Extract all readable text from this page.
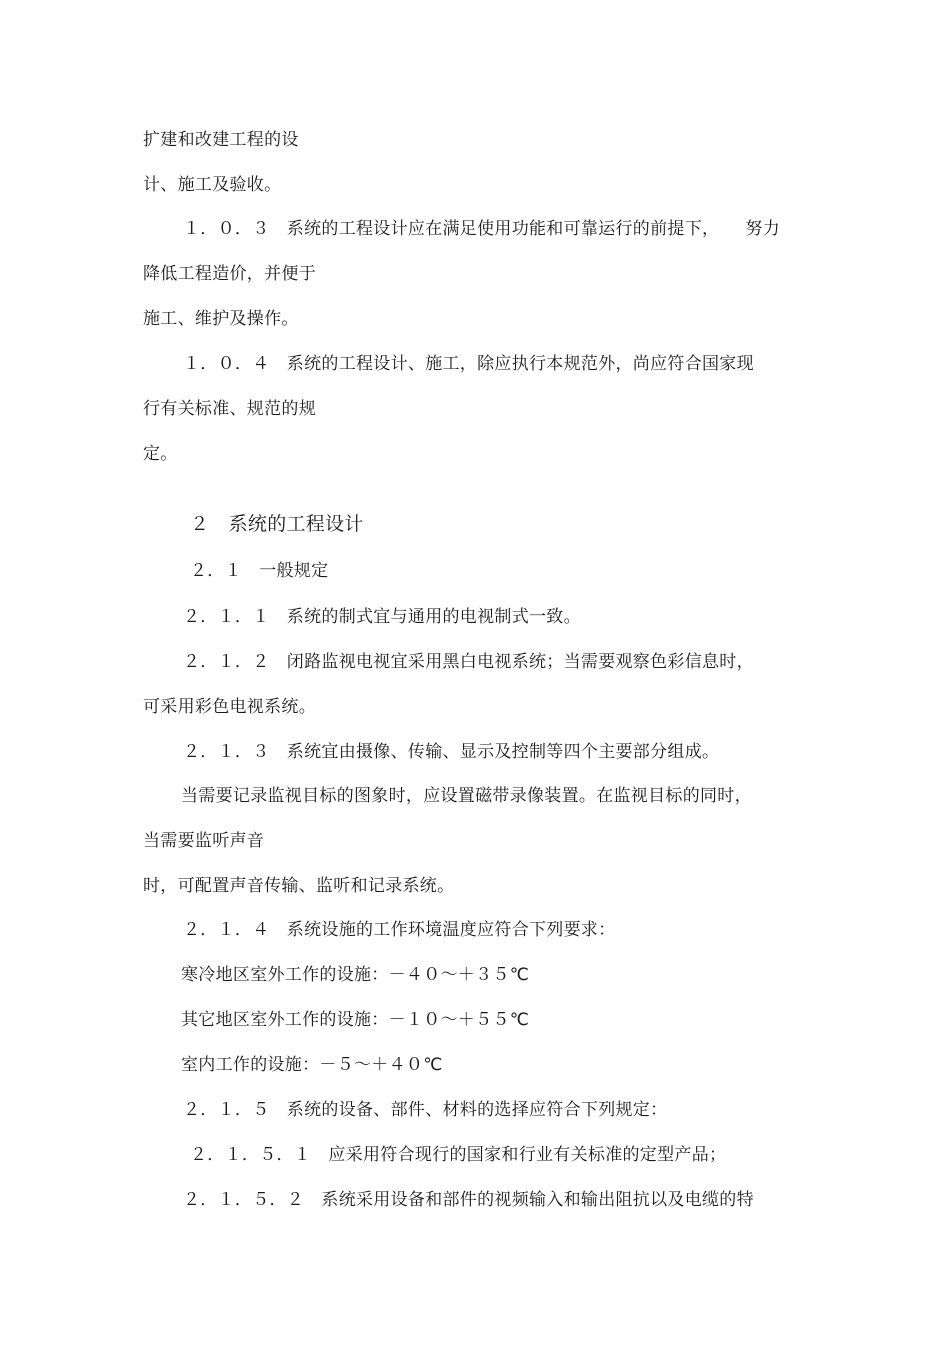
扩建和改建工程的设
计、施工及验收。
１．０．３　系统的工程设计应在满足使用功能和可靠运行的前提下，　　努力
降低工程造价，并便于
施工、维护及操作。
１．０．４　系统的工程设计、施工，除应执行本规范外，尚应符合国家现
行有关标准、规范的规
定。
２　系统的工程设计
２．１　一般规定
２．１．１　系统的制式宜与通用的电视制式一致。
２．１．２　闭路监视电视宜采用黑白电视系统；当需要观察色彩信息时，
可采用彩色电视系统。
２．１．３　系统宜由摄像、传输、显示及控制等四个主要部分组成。
当需要记录监视目标的图象时，应设置磁带录像装置。在监视目标的同时，
当需要监听声音
时，可配置声音传输、监听和记录系统。
２．１．４　系统设施的工作环境温度应符合下列要求：
寒冷地区室外工作的设施：－４０～＋３５℃
其它地区室外工作的设施：－１０～＋５５℃
室内工作的设施：－５～＋４０℃
２．１．５　系统的设备、部件、材料的选择应符合下列规定：
２．１．５．１　应采用符合现行的国家和行业有关标准的定型产品；
２．１．５．２　系统采用设备和部件的视频输入和输出阻抗以及电缆的特
